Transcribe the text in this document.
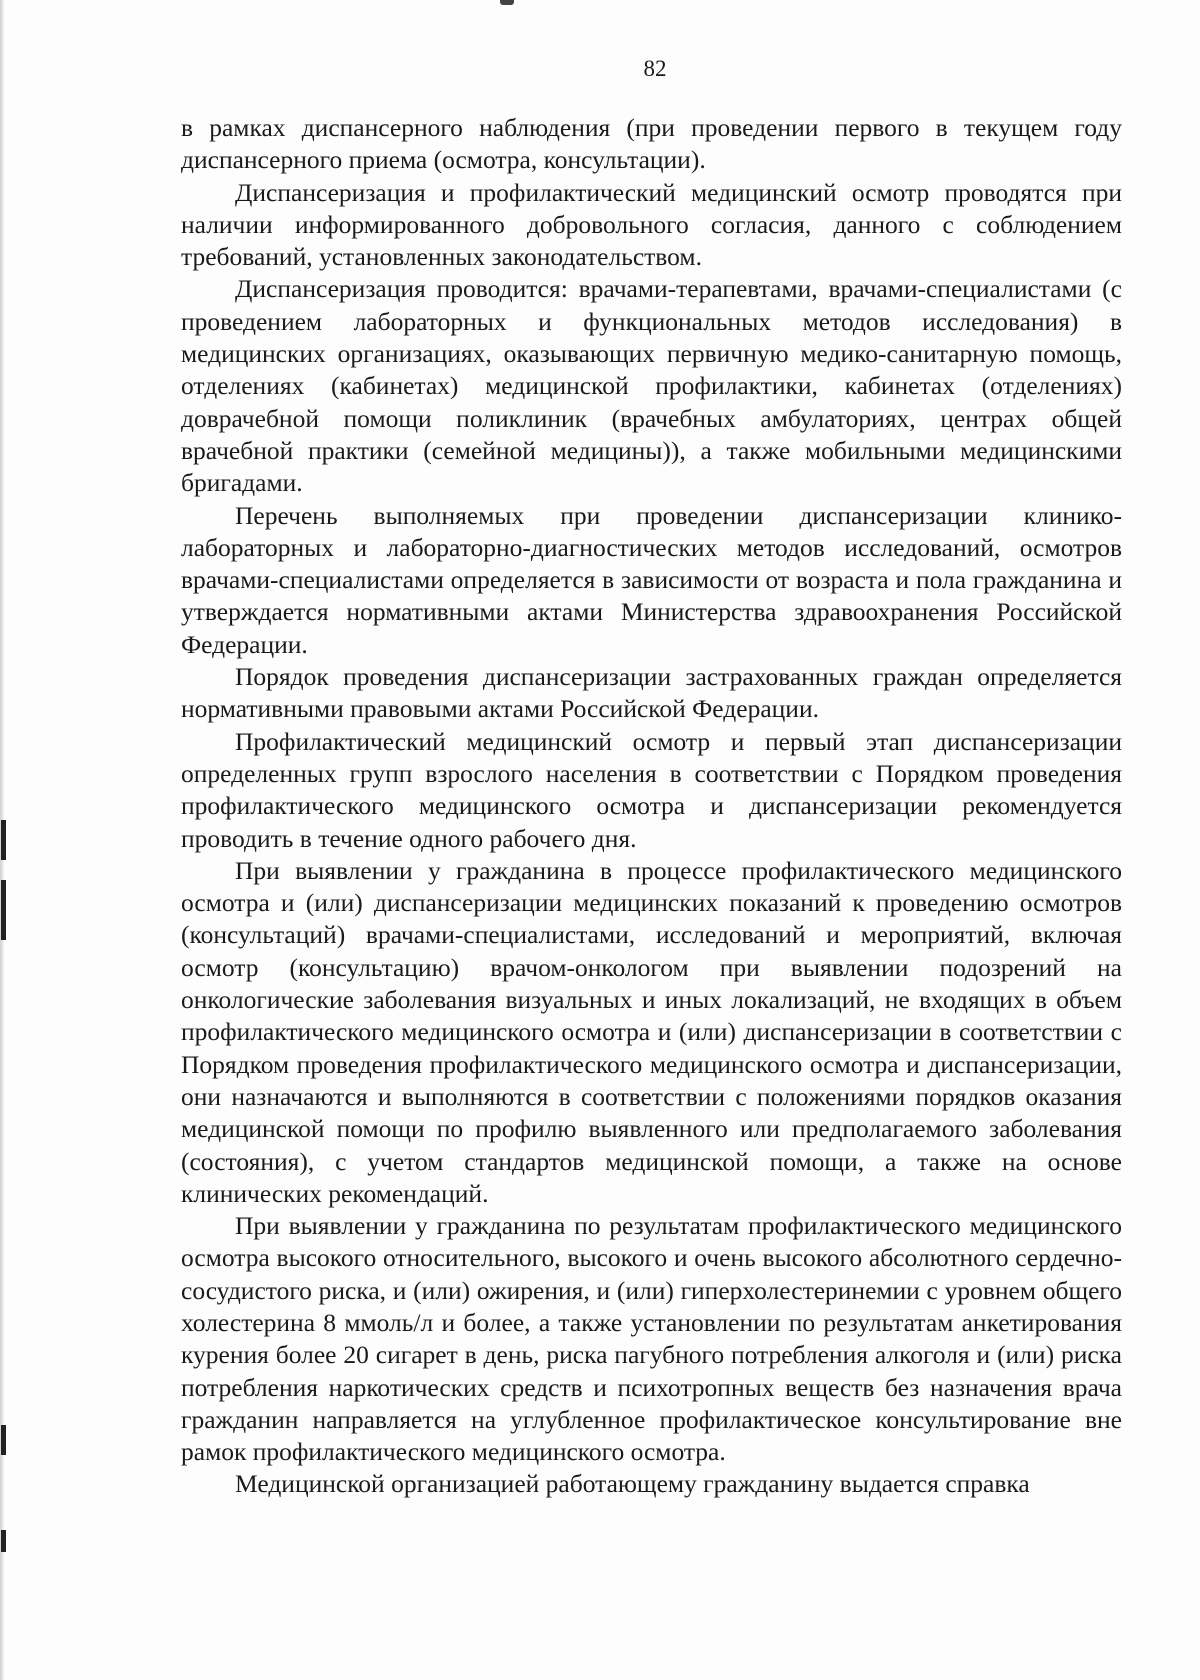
82

в рамках диспансерного наблюдения (при проведении первого в текущем году диспансерного приема (осмотра, консультации).

Диспансеризация и профилактический медицинский осмотр проводятся при наличии информированного добровольного согласия, данного с соблюдением требований, установленных законодательством.

Диспансеризация проводится: врачами-терапевтами, врачами-специалистами (с проведением лабораторных и функциональных методов исследования) в медицинских организациях, оказывающих первичную медико-санитарную помощь, отделениях (кабинетах) медицинской профилактики, кабинетах (отделениях) доврачебной помощи поликлиник (врачебных амбулаториях, центрах общей врачебной практики (семейной медицины)), а также мобильными медицинскими бригадами.

Перечень выполняемых при проведении диспансеризации клинико-лабораторных и лабораторно-диагностических методов исследований, осмотров врачами-специалистами определяется в зависимости от возраста и пола гражданина и утверждается нормативными актами Министерства здравоохранения Российской Федерации.

Порядок проведения диспансеризации застрахованных граждан определяется нормативными правовыми актами Российской Федерации.

Профилактический медицинский осмотр и первый этап диспансеризации определенных групп взрослого населения в соответствии с Порядком проведения профилактического медицинского осмотра и диспансеризации рекомендуется проводить в течение одного рабочего дня.

При выявлении у гражданина в процессе профилактического медицинского осмотра и (или) диспансеризации медицинских показаний к проведению осмотров (консультаций) врачами-специалистами, исследований и мероприятий, включая осмотр (консультацию) врачом-онкологом при выявлении подозрений на онкологические заболевания визуальных и иных локализаций, не входящих в объем профилактического медицинского осмотра и (или) диспансеризации в соответствии с Порядком проведения профилактического медицинского осмотра и диспансеризации, они назначаются и выполняются в соответствии с положениями порядков оказания медицинской помощи по профилю выявленного или предполагаемого заболевания (состояния), с учетом стандартов медицинской помощи, а также на основе клинических рекомендаций.

При выявлении у гражданина по результатам профилактического медицинского осмотра высокого относительного, высокого и очень высокого абсолютного сердечно-сосудистого риска, и (или) ожирения, и (или) гиперхолестеринемии с уровнем общего холестерина 8 ммоль/л и более, а также установлении по результатам анкетирования курения более 20 сигарет в день, риска пагубного потребления алкоголя и (или) риска потребления наркотических средств и психотропных веществ без назначения врача гражданин направляется на углубленное профилактическое консультирование вне рамок профилактического медицинского осмотра.

Медицинской организацией работающему гражданину выдается справка
